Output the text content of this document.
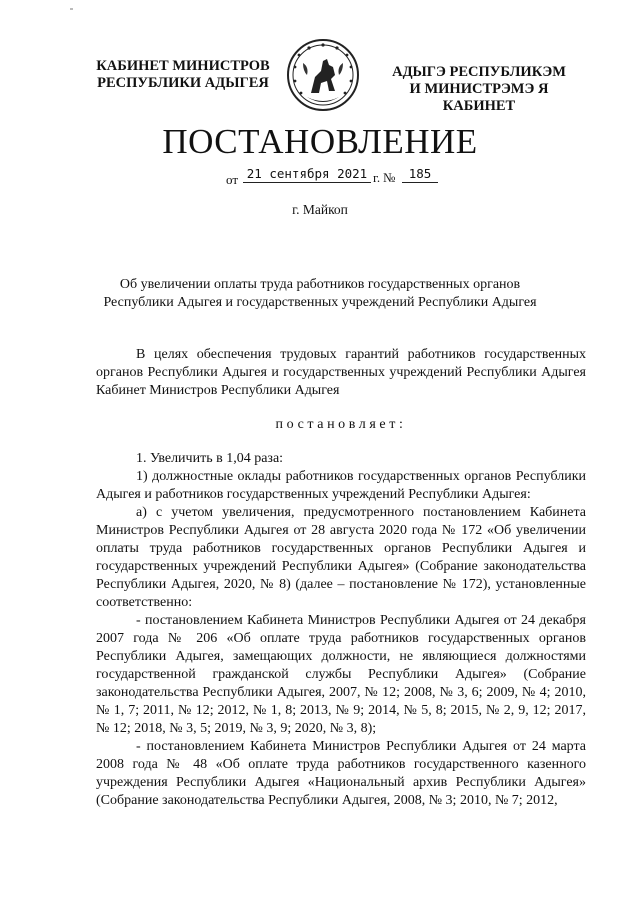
КАБИНЕТ МИНИСТРОВ
РЕСПУБЛИКИ АДЫГЕЯ
АДЫГЭ РЕСПУБЛИКЭМ
И МИНИСТРЭМЭ Я КАБИНЕТ
ПОСТАНОВЛЕНИЕ
от 21 сентября 2021 г. №	185
г. Майкоп
Об увеличении оплаты труда работников государственных органов Республики Адыгея и государственных учреждений Республики Адыгея

В целях обеспечения трудовых гарантий работников государственных органов Республики Адыгея и государственных учреждений Республики Адыгея Кабинет Министров Республики Адыгея

постановляет:

1. Увеличить в 1,04 раза:

1) должностные оклады работников государственных органов Республики Адыгея и работников государственных учреждений Республики Адыгея:

а) с учетом увеличения, предусмотренного постановлением Кабинета Министров Республики Адыгея от 28 августа 2020 года № 172 «Об увеличении оплаты труда работников государственных органов Республики Адыгея и государственных учреждений Республики Адыгея» (Собрание законодательства Республики Адыгея, 2020, № 8) (далее – постановление № 172), установленные соответственно:

- постановлением Кабинета Министров Республики Адыгея от 24 декабря 2007 года № 206 «Об оплате труда работников государственных органов Республики Адыгея, замещающих должности, не являющиеся должностями государственной гражданской службы Республики Адыгея» (Собрание законодательства Республики Адыгея, 2007, № 12; 2008, № 3, 6; 2009, № 4; 2010, № 1, 7; 2011, № 12; 2012, № 1, 8; 2013, № 9; 2014, № 5, 8; 2015, № 2, 9, 12; 2017, № 12; 2018, № 3, 5; 2019, № 3, 9; 2020, № 3, 8);

- постановлением Кабинета Министров Республики Адыгея от 24 марта 2008 года № 48 «Об оплате труда работников государственного казенного учреждения Республики Адыгея «Национальный архив Республики Адыгея» (Собрание законодательства Республики Адыгея, 2008, № 3; 2010, № 7; 2012,
